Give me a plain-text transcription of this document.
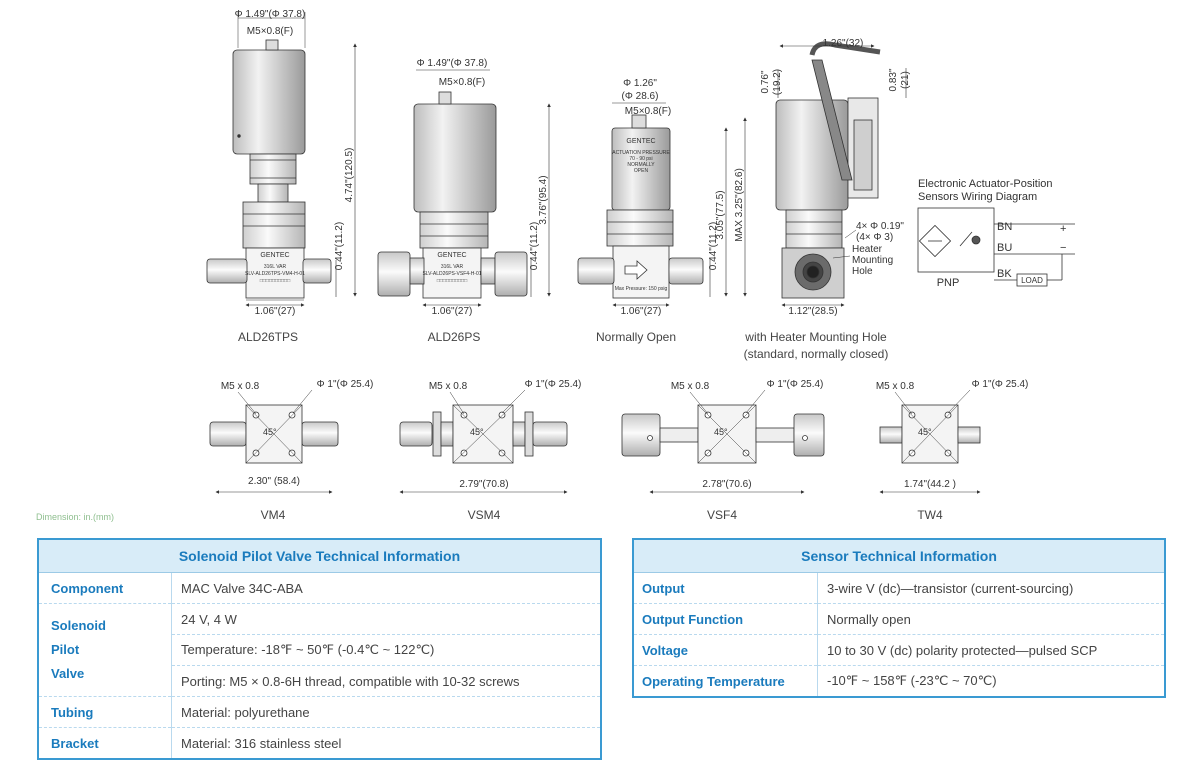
Φ 1.49"(Φ 37.8)
M5×0.8(F)
4.74"(120.5)
0.44"(11.2)
1.06"(27)
GENTEC
316L VAR
SLV-ALD26TPS-VM4-H-01
□□□□□□□□□□
ALD26TPS
Φ 1.49"(Φ 37.8)
M5×0.8(F)
3.76"(95.4)
0.44"(11.2)
1.06"(27)
GENTEC
316L VAR
SLV-ALD26PS-VSF4-H-01
□□□□□□□□□□
ALD26PS
Φ 1.26"
(Φ 28.6)
M5×0.8(F)
GENTEC
ACTUATION PRESSURE
70 - 90 psi
NORMALLY
OPEN
Max Pressure: 150 psig
3.05"(77.5) MAX 3.25"(82.6)
0.44"(11.2)
1.06"(27)
Normally Open
1.26"(32)
0.76" (19.2)	0.83" (21)
4× Φ 0.19"
(4× Φ 3)
Heater
Mounting
Hole
1.12"(28.5)
with Heater Mounting Hole
(standard, normally closed)
Electronic Actuator-Position
Sensors Wiring Diagram
BN
BU
BK
+
−
LOAD
PNP
M5 x 0.8	Φ 1"(Φ 25.4)
45°
2.30" (58.4)
VM4
M5 x 0.8	Φ 1"(Φ 25.4)
45°
2.79"(70.8)
VSM4
M5 x 0.8	Φ 1"(Φ 25.4)
45°
2.78"(70.6)
VSF4
M5 x 0.8	Φ 1"(Φ 25.4)
45°
1.74"(44.2 )
TW4
Dimension: in.(mm)
Solenoid Pilot Valve Technical Information	
Component	MAC Valve 34C-ABA

Solenoid
Pilot
Valve	24 V, 4 W
	Temperature: -18℉ ~ 50℉ (-0.4℃ ~ 122℃)
	Porting: M5 × 0.8-6H thread, compatible with 10-32 screws
Tubing	Material: polyurethane
Bracket	Material: 316 stainless steel
Sensor Technical Information	
Output	3-wire V (dc)—transistor (current-sourcing)
Output Function	Normally open
Voltage	10 to 30 V (dc) polarity protected—pulsed SCP
Operating Temperature	-10℉ ~ 158℉ (-23℃ ~ 70℃)
